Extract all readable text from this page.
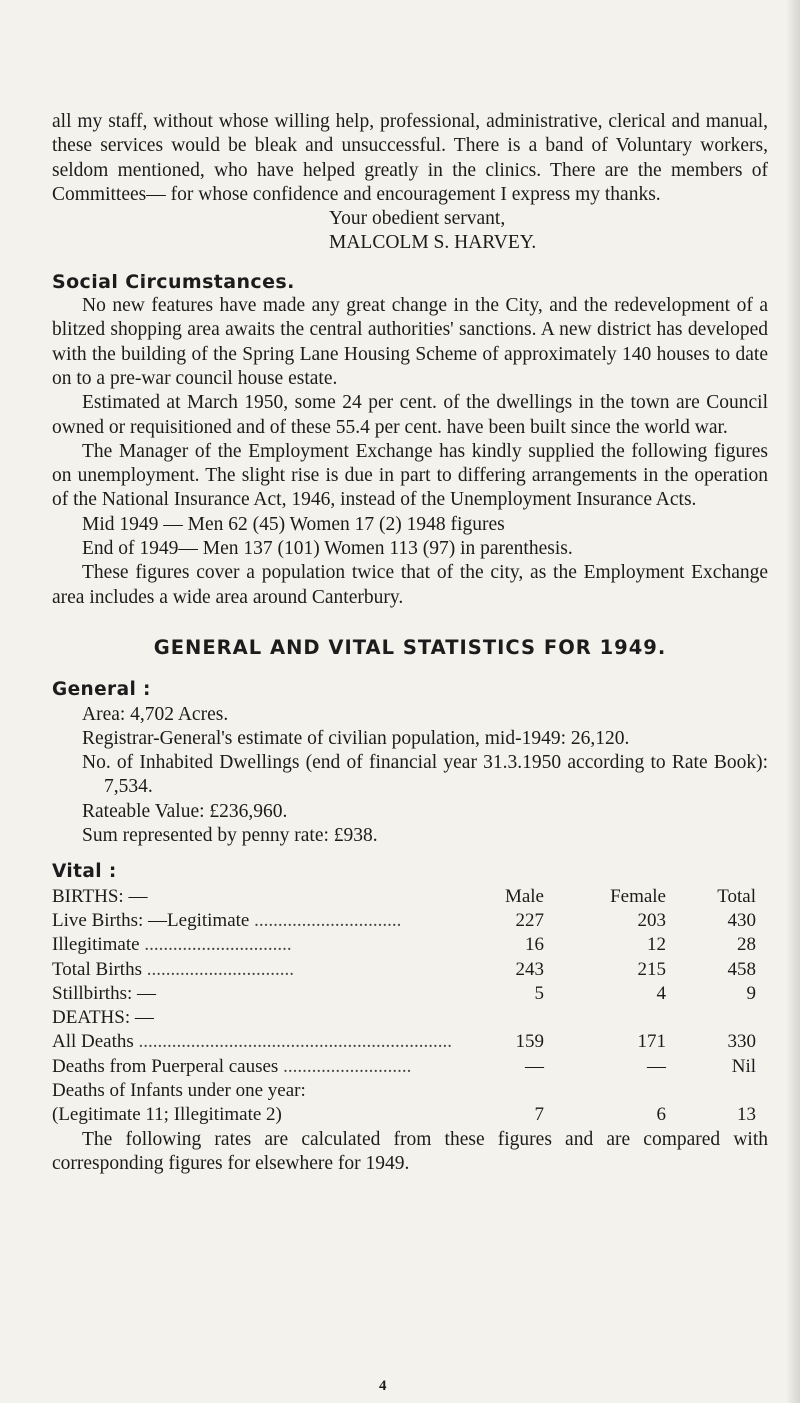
all my staff, without whose willing help, professional, administrative, clerical and manual, these services would be bleak and unsuccessful. There is a band of Voluntary workers, seldom mentioned, who have helped greatly in the clinics. There are the members of Committees— for whose confidence and encouragement I express my thanks.

Your obedient servant,

MALCOLM S. HARVEY.

Social Circumstances.

No new features have made any great change in the City, and the redevelopment of a blitzed shopping area awaits the central authorities' sanctions. A new district has developed with the building of the Spring Lane Housing Scheme of approximately 140 houses to date on to a pre-war council house estate.

Estimated at March 1950, some 24 per cent. of the dwellings in the town are Council owned or requisitioned and of these 55.4 per cent. have been built since the world war.

The Manager of the Employment Exchange has kindly supplied the following figures on unemployment. The slight rise is due in part to differing arrangements in the operation of the National Insurance Act, 1946, instead of the Unemployment Insurance Acts.

Mid 1949 — Men 62 (45) Women 17 (2) 1948 figures

End of 1949— Men 137 (101) Women 113 (97) in parenthesis.

These figures cover a population twice that of the city, as the Employment Exchange area includes a wide area around Canterbury.

GENERAL AND VITAL STATISTICS FOR 1949.
General :

Area: 4,702 Acres.

Registrar-General's estimate of civilian population, mid-1949: 26,120.

No. of Inhabited Dwellings (end of financial year 31.3.1950 according to Rate Book): 7,534.

Rateable Value: £236,960.

Sum represented by penny rate: £938.

Vital :
BIRTHS: —	Male	Female	Total
Live Births: —Legitimate ...............................	227	203	430
Illegitimate ...............................	16	12	28
Total Births ...............................	243	215	458
Stillbirths: —	5	4	9
DEATHS: —			
All Deaths ..................................................................	159	171	330
Deaths from Puerperal causes ...........................	—	—	Nil
Deaths of Infants under one year:			
(Legitimate 11; Illegitimate 2)	7	6	13

The following rates are calculated from these figures and are compared with corresponding figures for elsewhere for 1949.

4
